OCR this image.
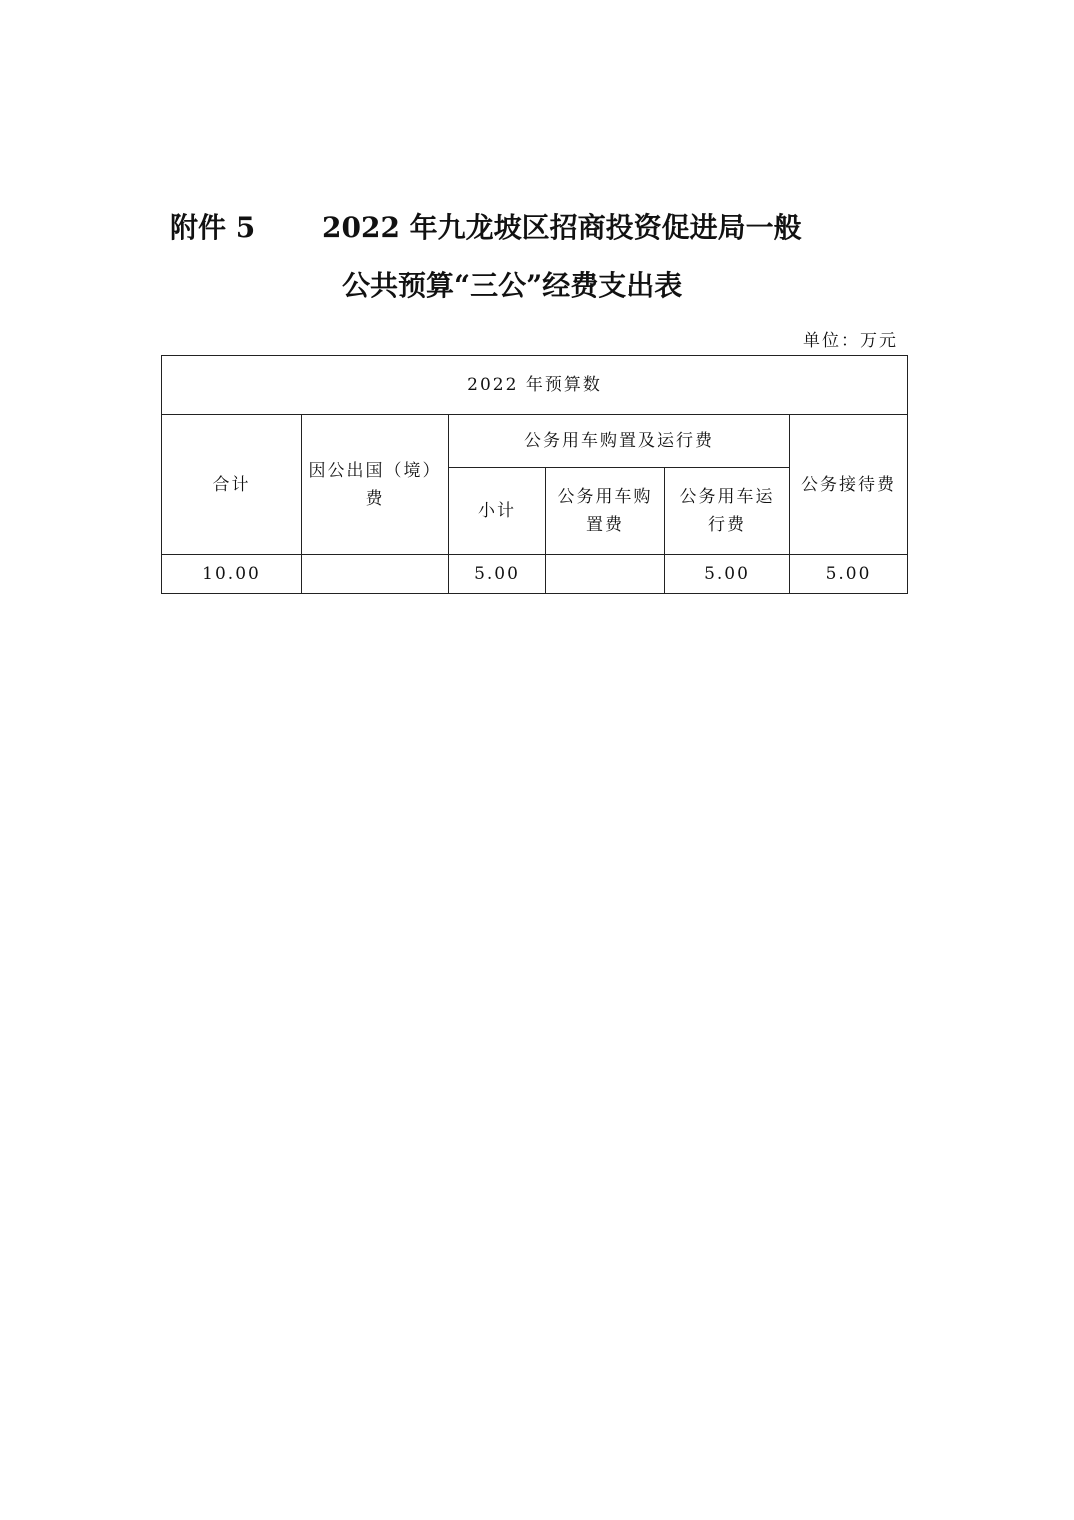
附件 5 2022 年九龙坡区招商投资促进局一般
公共预算“三公”经费支出表
单位：万元
2022 年预算数					
合计	因公出国（境）费	公务用车购置及运行费			公务接待费
		小计	公务用车购置费	公务用车运行费	
10.00		5.00		5.00	5.00
